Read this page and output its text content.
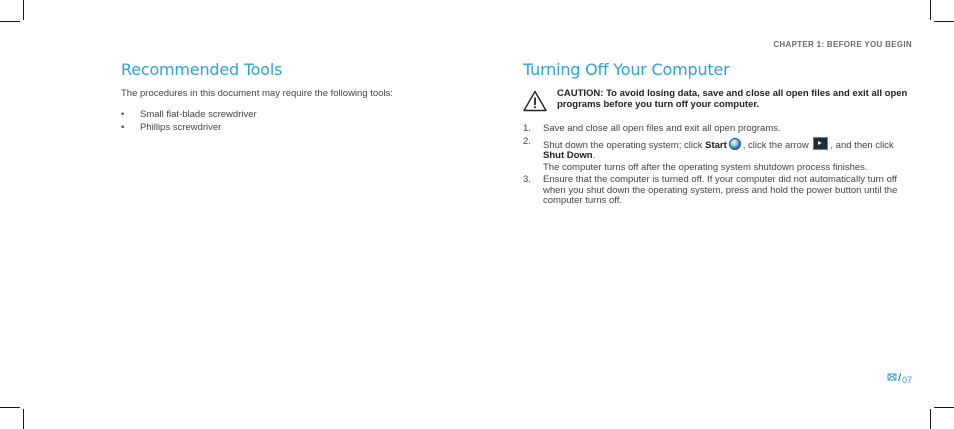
CHAPTER 1: BEFORE YOU BEGIN
Recommended Tools

The procedures in this document may require the following tools:

• Small flat-blade screwdriver
• Phillips screwdriver
Turning Off Your Computer
CAUTION: To avoid losing data, save and close all open files and exit all open programs before you turn off your computer.
1. Save and close all open files and exit all open programs.
2. Shut down the operating system; click Start , click the arrow , and then click Shut Down.
The computer turns off after the operating system shutdown process finishes.
3. Ensure that the computer is turned off. If your computer did not automatically turn off when you shut down the operating system, press and hold the power button until the computer turns off.
/07
